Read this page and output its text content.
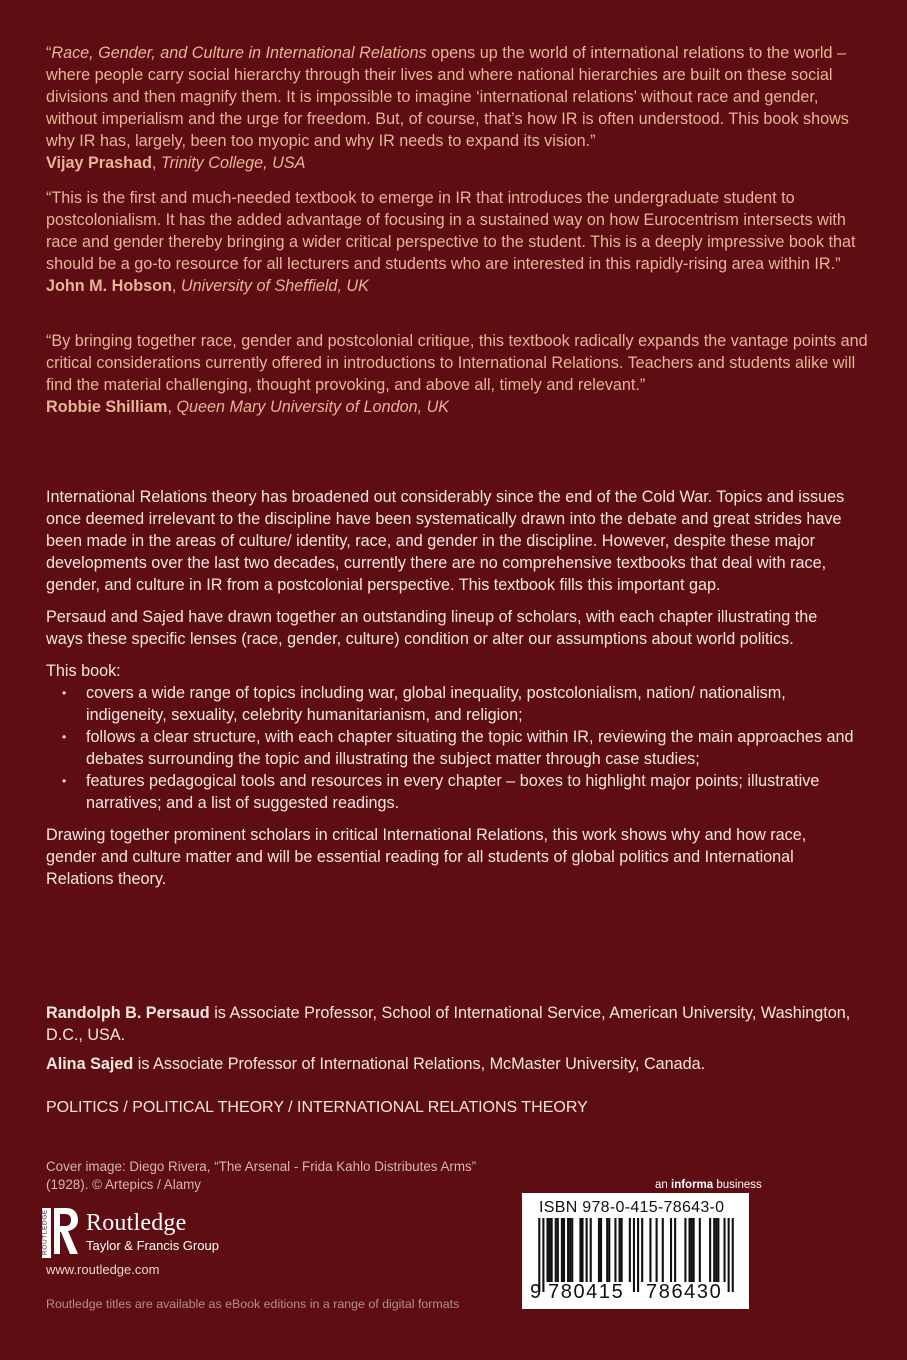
“Race, Gender, and Culture in International Relations opens up the world of international relations to the world – where people carry social hierarchy through their lives and where national hierarchies are built on these social divisions and then magnify them. It is impossible to imagine ‘international relations’ without race and gender, without imperialism and the urge for freedom. But, of course, that’s how IR is often understood. This book shows why IR has, largely, been too myopic and why IR needs to expand its vision.”

Vijay Prashad, Trinity College, USA

“This is the first and much-needed textbook to emerge in IR that introduces the undergraduate student to postcolonialism. It has the added advantage of focusing in a sustained way on how Eurocentrism intersects with race and gender thereby bringing a wider critical perspective to the student. This is a deeply impressive book that should be a go-to resource for all lecturers and students who are interested in this rapidly-rising area within IR.”

John M. Hobson, University of Sheffield, UK

“By bringing together race, gender and postcolonial critique, this textbook radically expands the vantage points and critical considerations currently offered in introductions to International Relations. Teachers and students alike will find the material challenging, thought provoking, and above all, timely and relevant.”

Robbie Shilliam, Queen Mary University of London, UK

International Relations theory has broadened out considerably since the end of the Cold War. Topics and issues once deemed irrelevant to the discipline have been systematically drawn into the debate and great strides have been made in the areas of culture/ identity, race, and gender in the discipline. However, despite these major developments over the last two decades, currently there are no comprehensive textbooks that deal with race, gender, and culture in IR from a postcolonial perspective. This textbook fills this important gap.

Persaud and Sajed have drawn together an outstanding lineup of scholars, with each chapter illustrating the ways these specific lenses (race, gender, culture) condition or alter our assumptions about world politics.

This book:

• covers a wide range of topics including war, global inequality, postcolonialism, nation/ nationalism, indigeneity, sexuality, celebrity humanitarianism, and religion;
• follows a clear structure, with each chapter situating the topic within IR, reviewing the main approaches and debates surrounding the topic and illustrating the subject matter through case studies;
• features pedagogical tools and resources in every chapter – boxes to highlight major points; illustrative narratives; and a list of suggested readings.

Drawing together prominent scholars in critical International Relations, this work shows why and how race, gender and culture matter and will be essential reading for all students of global politics and International Relations theory.

Randolph B. Persaud is Associate Professor, School of International Service, American University, Washington, D.C., USA.
Alina Sajed is Associate Professor of International Relations, McMaster University, Canada.
POLITICS / POLITICAL THEORY / INTERNATIONAL RELATIONS THEORY
Cover image: Diego Rivera, “The Arsenal - Frida Kahlo Distributes Arms” (1928). © Artepics / Alamy
ROUTLEDGE Routledge
Taylor & Francis Group
www.routledge.com
Routledge titles are available as eBook editions in a range of digital formats
an informa business
ISBN 978-0-415-78643-0
9 780415 786430
